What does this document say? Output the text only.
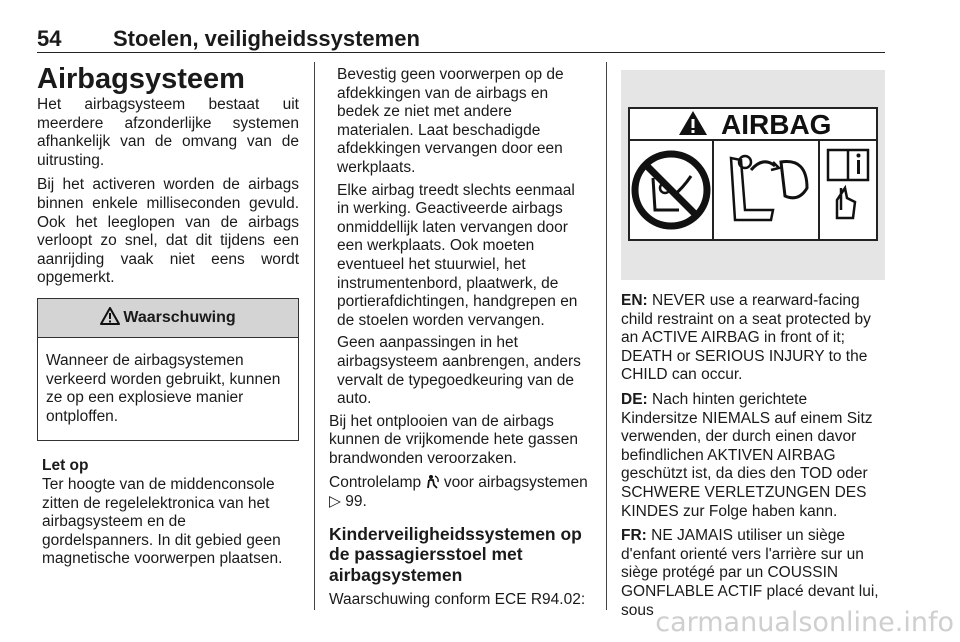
54 Stoelen, veiligheidssystemen

Airbagsysteem

Het airbagsysteem bestaat uit meerdere afzonderlijke systemen afhankelijk van de omvang van de uitrusting.

Bij het activeren worden de airbags binnen enkele milliseconden gevuld. Ook het leeglopen van de airbags verloopt zo snel, dat dit tijdens een aanrijding vaak niet eens wordt opgemerkt.

Waarschuwing
Wanneer de airbagsystemen verkeerd worden gebruikt, kunnen ze op een explosieve manier ontploffen.
Let op
Ter hoogte van de middenconsole zitten de regelelektronica van het airbagsysteem en de gordelspanners. In dit gebied geen magnetische voorwerpen plaatsen.

Bevestig geen voorwerpen op de afdekkingen van de airbags en bedek ze niet met andere materialen. Laat beschadigde afdekkingen vervangen door een werkplaats.

Elke airbag treedt slechts eenmaal in werking. Geactiveerde airbags onmiddellijk laten vervangen door een werkplaats. Ook moeten eventueel het stuurwiel, het instrumentenbord, plaatwerk, de portierafdichtingen, handgrepen en de stoelen worden vervangen.

Geen aanpassingen in het airbagsysteem aanbrengen, anders vervalt de typegoedkeuring van de auto.

Bij het ontplooien van de airbags kunnen de vrijkomende hete gassen brandwonden veroorzaken.

Controlelamp voor airbagsystemen
▷ 99.

Kinderveiligheidssystemen op de passagiersstoel met airbagsystemen

Waarschuwing conform ECE R94.02:

AIRBAG

EN: NEVER use a rearward-facing child restraint on a seat protected by an ACTIVE AIRBAG in front of it; DEATH or SERIOUS INJURY to the CHILD can occur.

DE: Nach hinten gerichtete Kindersitze NIEMALS auf einem Sitz verwenden, der durch einen davor befindlichen AKTIVEN AIRBAG geschützt ist, da dies den TOD oder SCHWERE VERLETZUNGEN DES KINDES zur Folge haben kann.

FR: NE JAMAIS utiliser un siège d'enfant orienté vers l'arrière sur un siège protégé par un COUSSIN GONFLABLE ACTIF placé devant lui, sous carmanualsonline.info
